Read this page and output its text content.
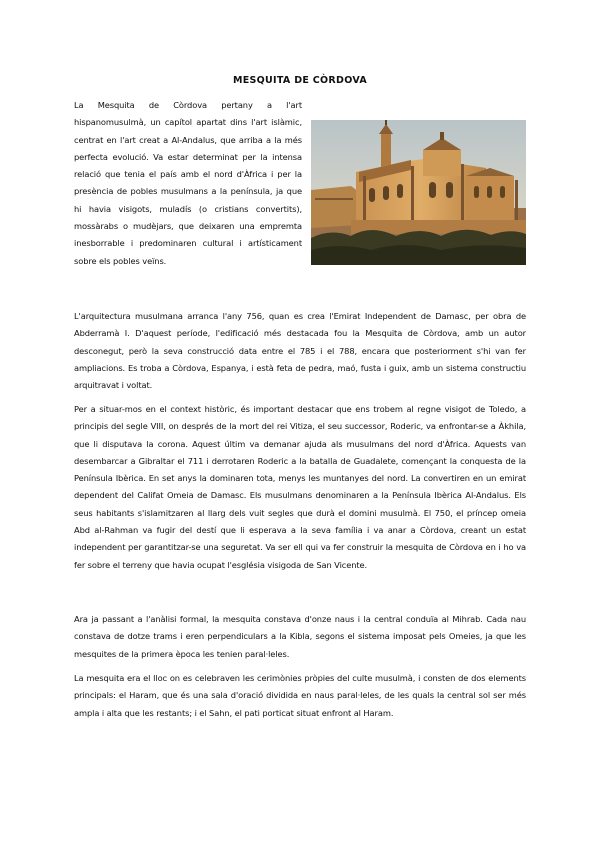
MESQUITA DE CÒRDOVA
La Mesquita de Còrdova pertany a l'art hispanomusulmà, un capítol apartat dins l'art islàmic, centrat en l'art creat a Al-Andalus, que arriba a la més perfecta evolució. Va estar determinat per la intensa relació que tenia el país amb el nord d'Àfrica i per la presència de pobles musulmans a la península, ja que hi havia visigots, muladís (o cristians convertits), mossàrabs o mudèjars, que deixaren una empremta inesborrable i predominaren cultural i artísticament sobre els pobles veïns.
L'arquitectura musulmana arranca l'any 756, quan es crea l'Emirat Independent de Damasc, per obra de Abderramà I. D'aquest període, l'edificació més destacada fou la Mesquita de Còrdova, amb un autor desconegut, però la seva construcció data entre el 785 i el 788, encara que posteriorment s'hi van fer ampliacions. Es troba a Còrdova, Espanya, i està feta de pedra, maó, fusta i guix, amb un sistema constructiu arquitravat i voltat.
Per a situar-mos en el context històric, és important destacar que ens trobem al regne visigot de Toledo, a principis del segle VIII, on després de la mort del rei Vitiza, el seu successor, Roderic, va enfrontar-se a Àkhila, que li disputava la corona. Aquest últim va demanar ajuda als musulmans del nord d'Àfrica. Aquests van desembarcar a Gibraltar el 711 i derrotaren Roderic a la batalla de Guadalete, començant la conquesta de la Península Ibèrica. En set anys la dominaren tota, menys les muntanyes del nord. La convertiren en un emirat dependent del Califat Omeia de Damasc. Els musulmans denominaren a la Península Ibèrica Al-Andalus. Els seus habitants s'islamitzaren al llarg dels vuit segles que durà el domini musulmà. El 750, el príncep omeia Abd al-Rahman va fugir del destí que li esperava a la seva família i va anar a Còrdova, creant un estat independent per garantitzar-se una seguretat. Va ser ell qui va fer construir la mesquita de Còrdova en i ho va fer sobre el terreny que havia ocupat l'església visigoda de San Vicente.
Ara ja passant a l'anàlisi formal, la mesquita constava d'onze naus i la central conduïa al Mihrab. Cada nau constava de dotze trams i eren perpendiculars a la Kibla, segons el sistema imposat pels Omeies, ja que les mesquites de la primera època les tenien paral·leles.
La mesquita era el lloc on es celebraven les cerimònies pròpies del culte musulmà, i consten de dos elements principals: el Haram, que és una sala d'oració dividida en naus paral·leles, de les quals la central sol ser més ampla i alta que les restants; i el Sahn, el pati porticat situat enfront al Haram.
